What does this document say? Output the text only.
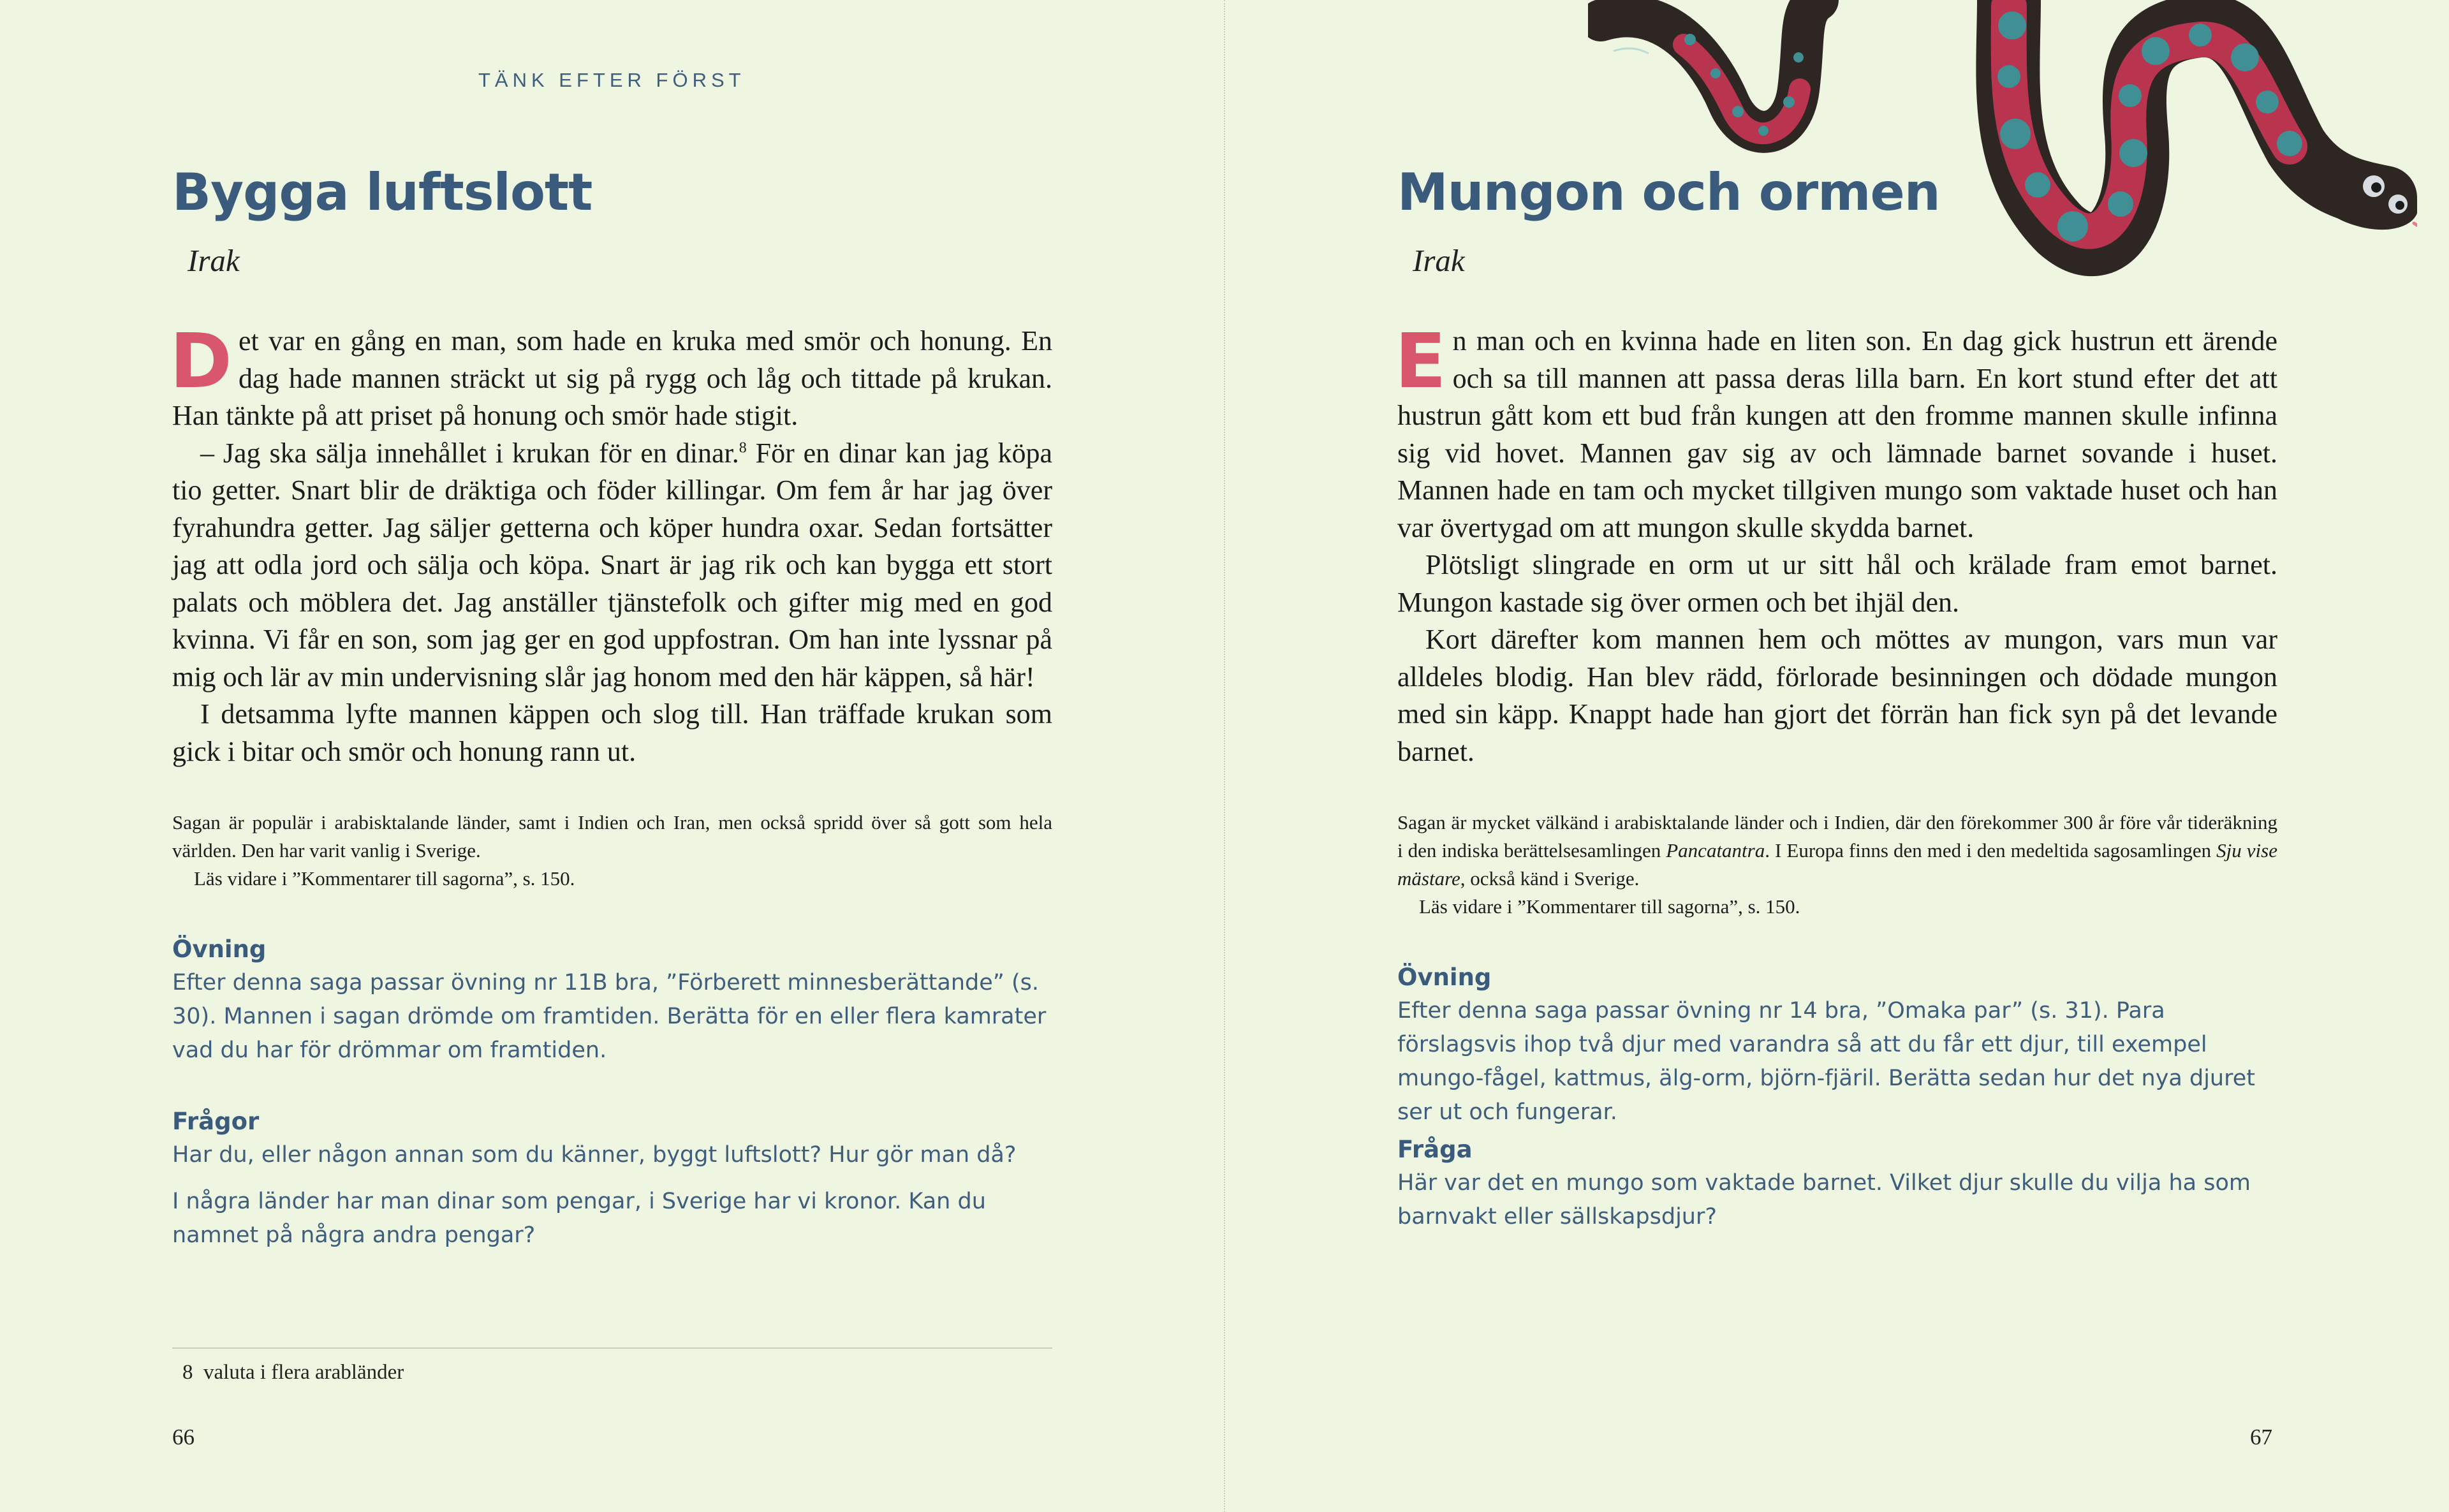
TÄNK EFTER FÖRST
Bygga luftslott
Irak

Det var en gång en man, som hade en kruka med smör och honung. En dag hade mannen sträckt ut sig på rygg och låg och tittade på krukan. Han tänkte på att priset på honung och smör hade stigit.

– Jag ska sälja innehållet i krukan för en dinar.$^8$ För en dinar kan jag köpa tio getter. Snart blir de dräktiga och föder killingar. Om fem år har jag över fyrahundra getter. Jag säljer getterna och köper hundra oxar. Sedan fortsätter jag att odla jord och sälja och köpa. Snart är jag rik och kan bygga ett stort palats och möblera det. Jag anställer tjänstefolk och gifter mig med en god kvinna. Vi får en son, som jag ger en god uppfostran. Om han inte lyssnar på mig och lär av min undervisning slår jag honom med den här käppen, så här!

I detsamma lyfte mannen käppen och slog till. Han träffade krukan som gick i bitar och smör och honung rann ut.

Sagan är populär i arabisktalande länder, samt i Indien och Iran, men också spridd över så gott som hela världen. Den har varit vanlig i Sverige.

Läs vidare i ”Kommentarer till sagorna”, s. 150.

Övning

Efter denna saga passar övning nr 11B bra, ”Förberett minnesberättande” (s. 30). Mannen i sagan drömde om framtiden. Berätta för en eller flera kamrater vad du har för drömmar om framtiden.

Frågor

Har du, eller någon annan som du känner, byggt luftslott? Hur gör man då?

I några länder har man dinar som pengar, i Sverige har vi kronor. Kan du namnet på några andra pengar?

8 valuta i flera arabländer
66
Mungon och ormen
Irak

En man och en kvinna hade en liten son. En dag gick hustrun ett ärende och sa till mannen att passa deras lilla barn. En kort stund efter det att hustrun gått kom ett bud från kungen att den fromme mannen skulle infinna sig vid hovet. Mannen gav sig av och lämnade barnet sovande i huset. Mannen hade en tam och mycket tillgiven mungo som vaktade huset och han var övertygad om att mungon skulle skydda barnet.

Plötsligt slingrade en orm ut ur sitt hål och krälade fram emot barnet. Mungon kastade sig över ormen och bet ihjäl den.

Kort därefter kom mannen hem och möttes av mungon, vars mun var alldeles blodig. Han blev rädd, förlorade besinningen och dödade mungon med sin käpp. Knappt hade han gjort det förrän han fick syn på det levande barnet.

Sagan är mycket välkänd i arabisktalande länder och i Indien, där den förekommer 300 år före vår tideräkning i den indiska berättelsesamlingen Pancatantra. I Europa finns den med i den medeltida sagosamlingen Sju vise mästare, också känd i Sverige.

Läs vidare i ”Kommentarer till sagorna”, s. 150.

Övning

Efter denna saga passar övning nr 14 bra, ”Omaka par” (s. 31). Para förslagsvis ihop två djur med varandra så att du får ett djur, till exempel mungo-fågel, kattmus, älg-orm, björn-fjäril. Berätta sedan hur det nya djuret ser ut och fungerar.

Fråga

Här var det en mungo som vaktade barnet. Vilket djur skulle du vilja ha som barnvakt eller sällskapsdjur?

67
